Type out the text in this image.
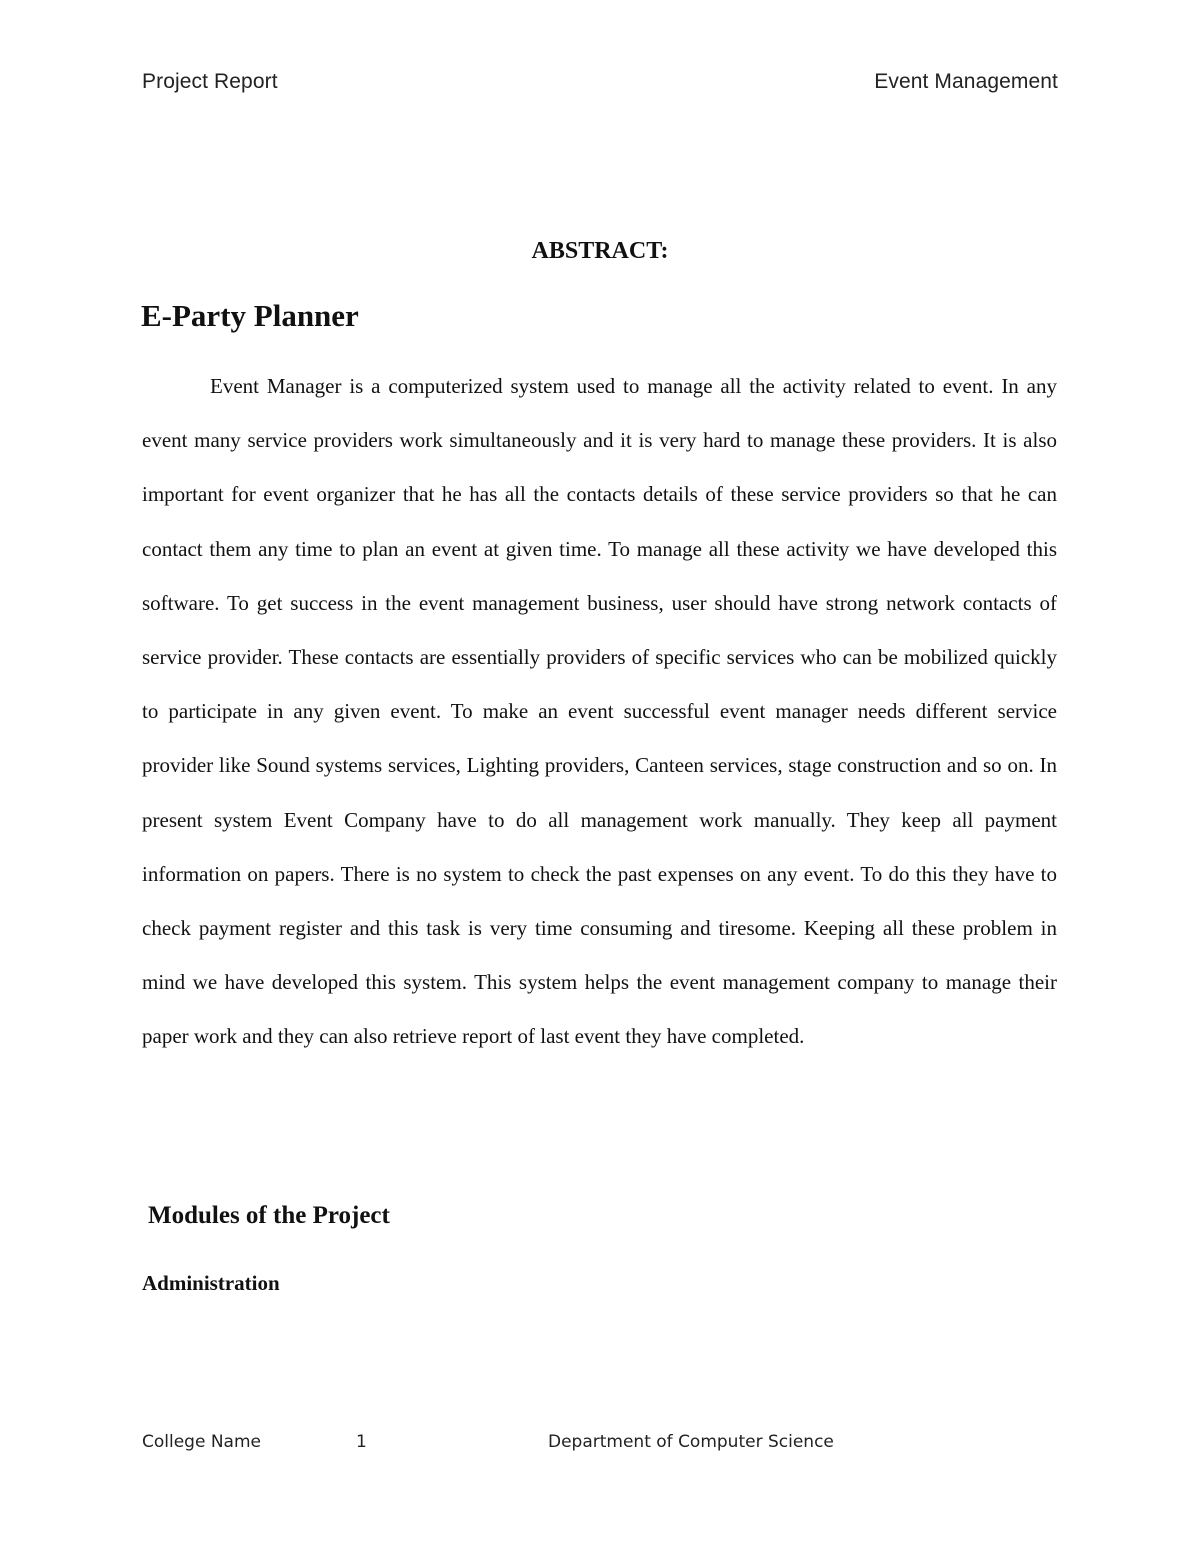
Project Report	Event Management
ABSTRACT:
E-Party Planner

Event Manager is a computerized system used to manage all the activity related to event. In any event many service providers work simultaneously and it is very hard to manage these providers. It is also important for event organizer that he has all the contacts details of these service providers so that he can contact them any time to plan an event at given time. To manage all these activity we have developed this software. To get success in the event management business, user should have strong network contacts of service provider. These contacts are essentially providers of specific services who can be mobilized quickly to participate in any given event. To make an event successful event manager needs different service provider like Sound systems services, Lighting providers, Canteen services, stage construction and so on. In present system Event Company have to do all management work manually. They keep all payment information on papers. There is no system to check the past expenses on any event. To do this they have to check payment register and this task is very time consuming and tiresome. Keeping all these problem in mind we have developed this system. This system helps the event management company to manage their paper work and they can also retrieve report of last event they have completed.

Modules of the Project
Administration
College Name	1	Department of Computer Science
